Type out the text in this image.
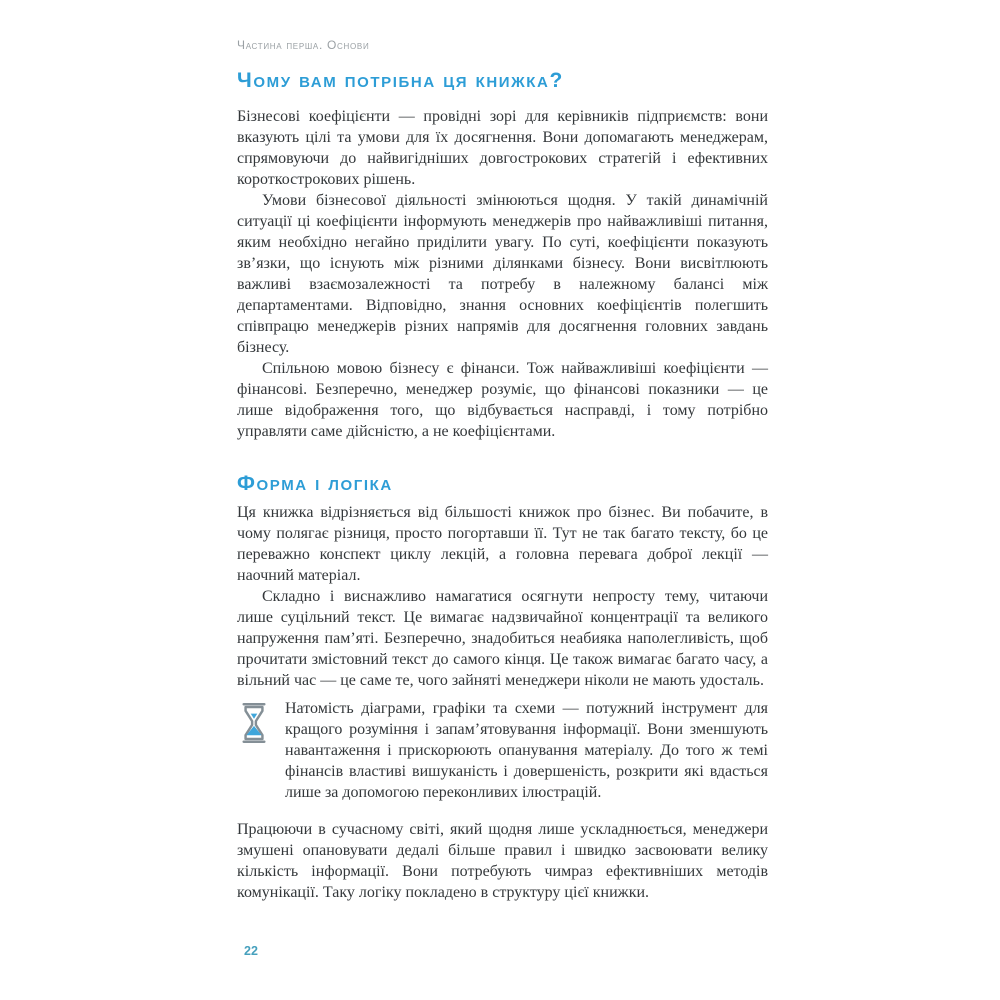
Частина перша. Основи
Чому вам потрібна ця книжка?

Бізнесові коефіцієнти — провідні зорі для керівників підприємств: вони вказують цілі та умови для їх досягнення. Вони допомагають менеджерам, спрямовуючи до найвигідніших довгострокових стратегій і ефективних короткострокових рішень.

Умови бізнесової діяльності змінюються щодня. У такій динамічній ситуації ці коефіцієнти інформують менеджерів про найважливіші питання, яким необхідно негайно приділити увагу. По суті, коефіцієнти показують зв’язки, що існують між різними ділянками бізнесу. Вони висвітлюють важливі взаємозалежності та потребу в належному балансі між департаментами. Відповідно, знання основних коефіцієнтів полегшить співпрацю менеджерів різних напрямів для досягнення головних завдань бізнесу.

Спільною мовою бізнесу є фінанси. Тож найважливіші коефіцієнти — фінансові. Безперечно, менеджер розуміє, що фінансові показники — це лише відображення того, що відбувається насправді, і тому потрібно управляти саме дійсністю, а не коефіцієнтами.

Форма і логіка

Ця книжка відрізняється від більшості книжок про бізнес. Ви побачите, в чому полягає різниця, просто погортавши її. Тут не так багато тексту, бо це переважно конспект циклу лекцій, а головна перевага доброї лекції — наочний матеріал.

Складно і виснажливо намагатися осягнути непросту тему, читаючи лише суцільний текст. Це вимагає надзвичайної концентрації та великого напруження пам’яті. Безперечно, знадобиться неабияка наполегливість, щоб прочитати змістовний текст до самого кінця. Це також вимагає багато часу, а вільний час — це саме те, чого зайняті менеджери ніколи не мають удосталь.

Натомість діаграми, графіки та схеми — потужний інструмент для кращого розуміння і запам’ятовування інформації. Вони зменшують навантаження і прискорюють опанування матеріалу. До того ж темі фінансів властиві вишуканість і довершеність, розкрити які вдасться лише за допомогою переконливих ілюстрацій.

Працюючи в сучасному світі, який щодня лише ускладнюється, менеджери змушені опановувати дедалі більше правил і швидко засвоювати велику кількість інформації. Вони потребують чимраз ефективніших методів комунікації. Таку логіку покладено в структуру цієї книжки.

22
